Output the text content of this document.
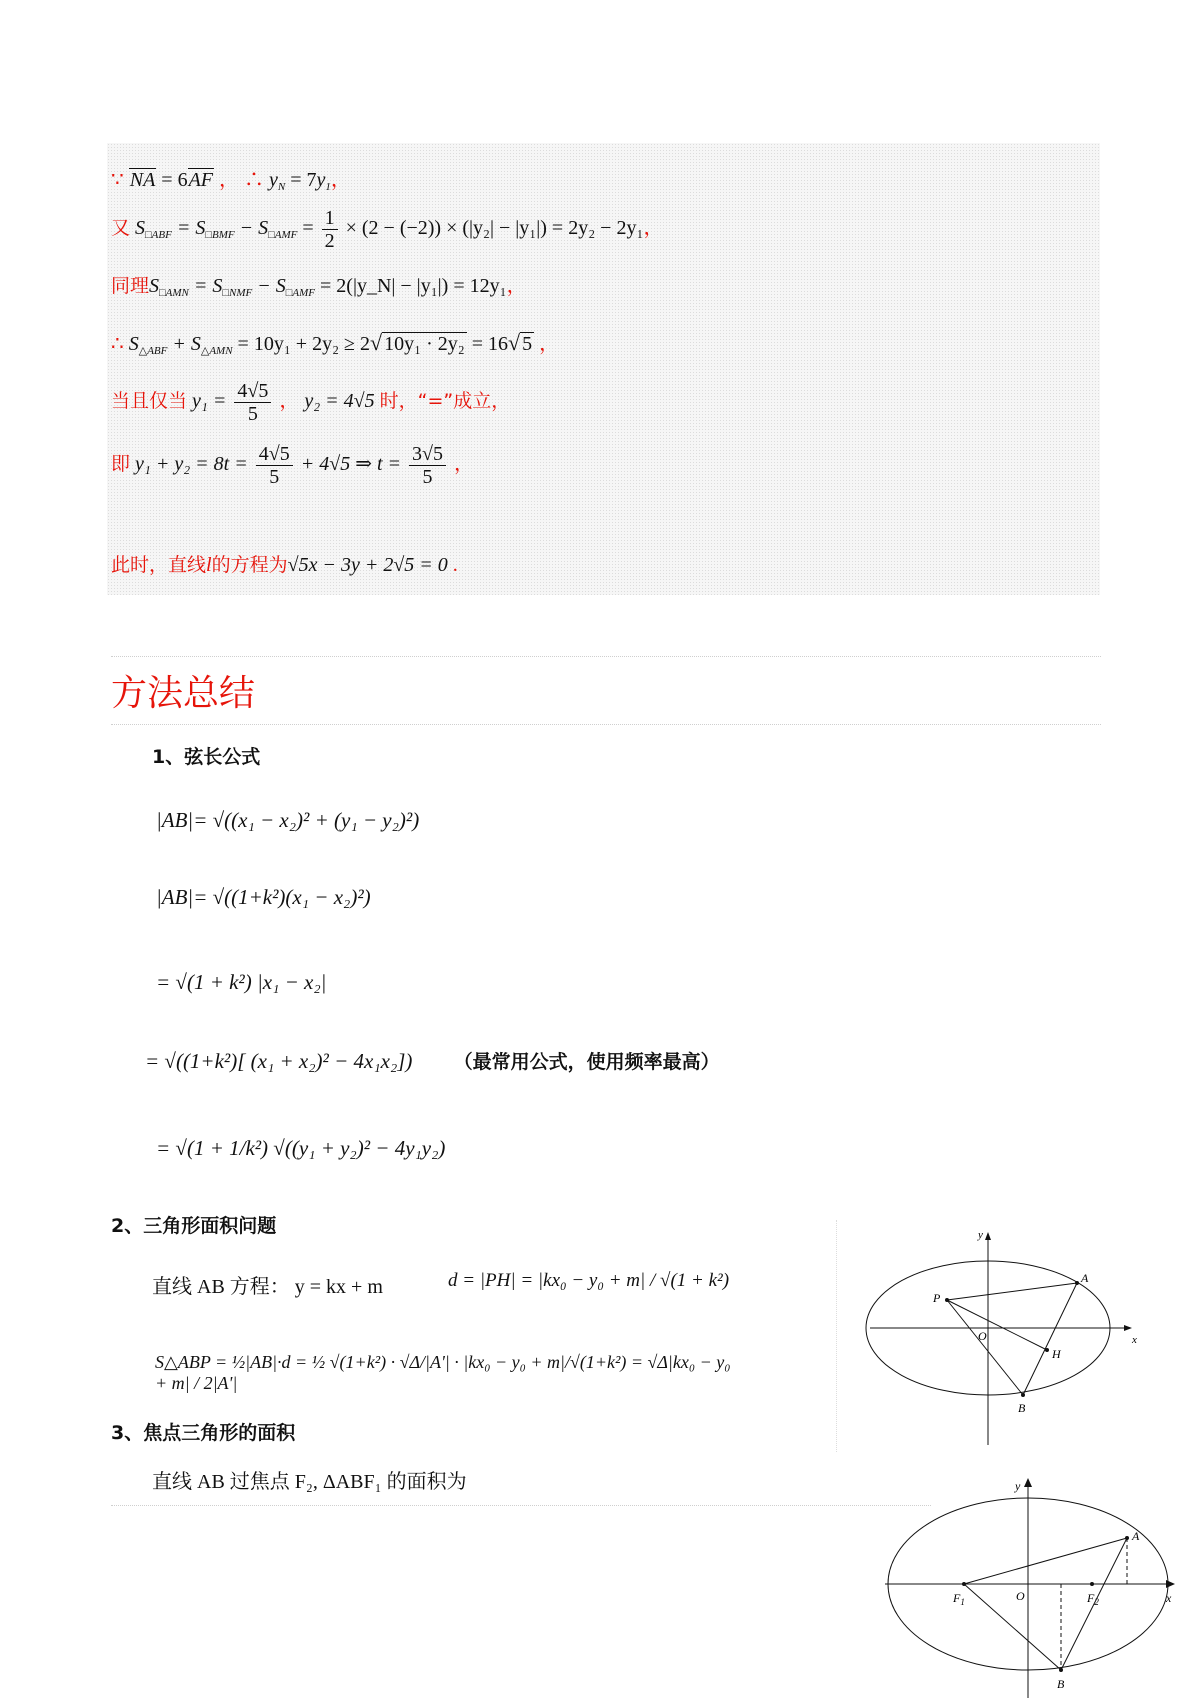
∵ NA = 6AF ， ∴ $y_N = 7y_1$，
又 $S_{□ABF} = S_{□BMF} - S_{□AMF} = \frac{1}{2} \times (2 - (-2)) \times (|y_2| - |y_1|) = 2y_2 - 2y_1$，
同理$S_{□AMN} = S_{□NMF} - S_{□AMF}$ = 2(|y_N| − |y₁|) = 12y₁，
∴ $S_{\triangle ABF} + S_{\triangle AMN} = 10y_1 + 2y_2 \ge 2√$ 10y₁ · 2y₂ = 16√ 5 ，
当且仅当 $y_1 = \frac{4√5}{5}$ ， y₂ = 4√5 时，“=”成立，
即 $y_1 + y_2 = 8t = \frac{4√5}{5} + 4√5$ ⇒ $t = \frac{3√5}{5}$ ，
此时，直线l的方程为√5x − 3y + 2√5 = 0 .
方法总结
1、弦长公式
|AB|= √((x₁ − x₂)² + (y₁ − y₂)²)
|AB|= √((1+k²)(x₁ − x₂)²)
= √(1 + k²) |x₁ − x₂|
= √((1+k²)[ (x₁ + x₂)² − 4x₁x₂]) （最常用公式，使用频率最高）
= √(1 + 1/k²) √((y₁ + y₂)² − 4y₁y₂)
2、三角形面积问题
直线 AB 方程： y = kx + m	d = |PH| = |kx₀ − y₀ + m| / √(1 + k²)
S△ABP = ½|AB|·d = ½ √(1+k²) · √Δ/|A'| · |kx₀ − y₀ + m|/√(1+k²) = √Δ|kx₀ − y₀ + m| / 2|A'|
3、焦点三角形的面积
直线 AB 过焦点 F₂, ΔABF₁ 的面积为
y
x
A
P
O
H
B
y
x
A
$F_1$	O	$F_2$
B
